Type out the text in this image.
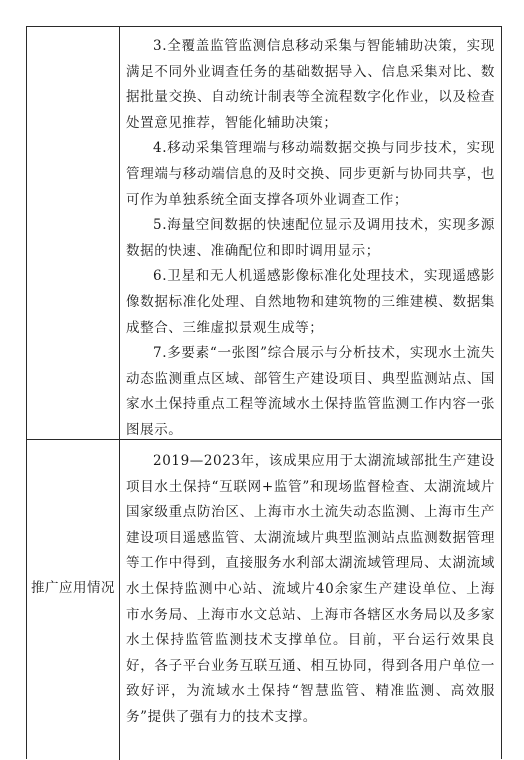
3.全覆盖监管监测信息移动采集与智能辅助决策，实现满足不同外业调查任务的基础数据导入、信息采集对比、数据批量交换、自动统计制表等全流程数字化作业，以及检查处置意见推荐，智能化辅助决策；

4.移动采集管理端与移动端数据交换与同步技术，实现管理端与移动端信息的及时交换、同步更新与协同共享，也可作为单独系统全面支撑各项外业调查工作；

5.海量空间数据的快速配位显示及调用技术，实现多源数据的快速、准确配位和即时调用显示；

6.卫星和无人机遥感影像标准化处理技术，实现遥感影像数据标准化处理、自然地物和建筑物的三维建模、数据集成整合、三维虚拟景观生成等；

7.多要素“一张图”综合展示与分析技术，实现水土流失动态监测重点区域、部管生产建设项目、典型监测站点、国家水土保持重点工程等流域水土保持监管监测工作内容一张图展示。

推广应用情况

2019—2023年，该成果应用于太湖流域部批生产建设项目水土保持“互联网+监管”和现场监督检查、太湖流域片国家级重点防治区、上海市水土流失动态监测、上海市生产建设项目遥感监管、太湖流域片典型监测站点监测数据管理等工作中得到，直接服务水利部太湖流域管理局、太湖流域水土保持监测中心站、流域片40余家生产建设单位、上海市水务局、上海市水文总站、上海市各辖区水务局以及多家水土保持监管监测技术支撑单位。目前，平台运行效果良好，各子平台业务互联互通、相互协同，得到各用户单位一致好评，为流域水土保持“智慧监管、精准监测、高效服务”提供了强有力的技术支撑。
